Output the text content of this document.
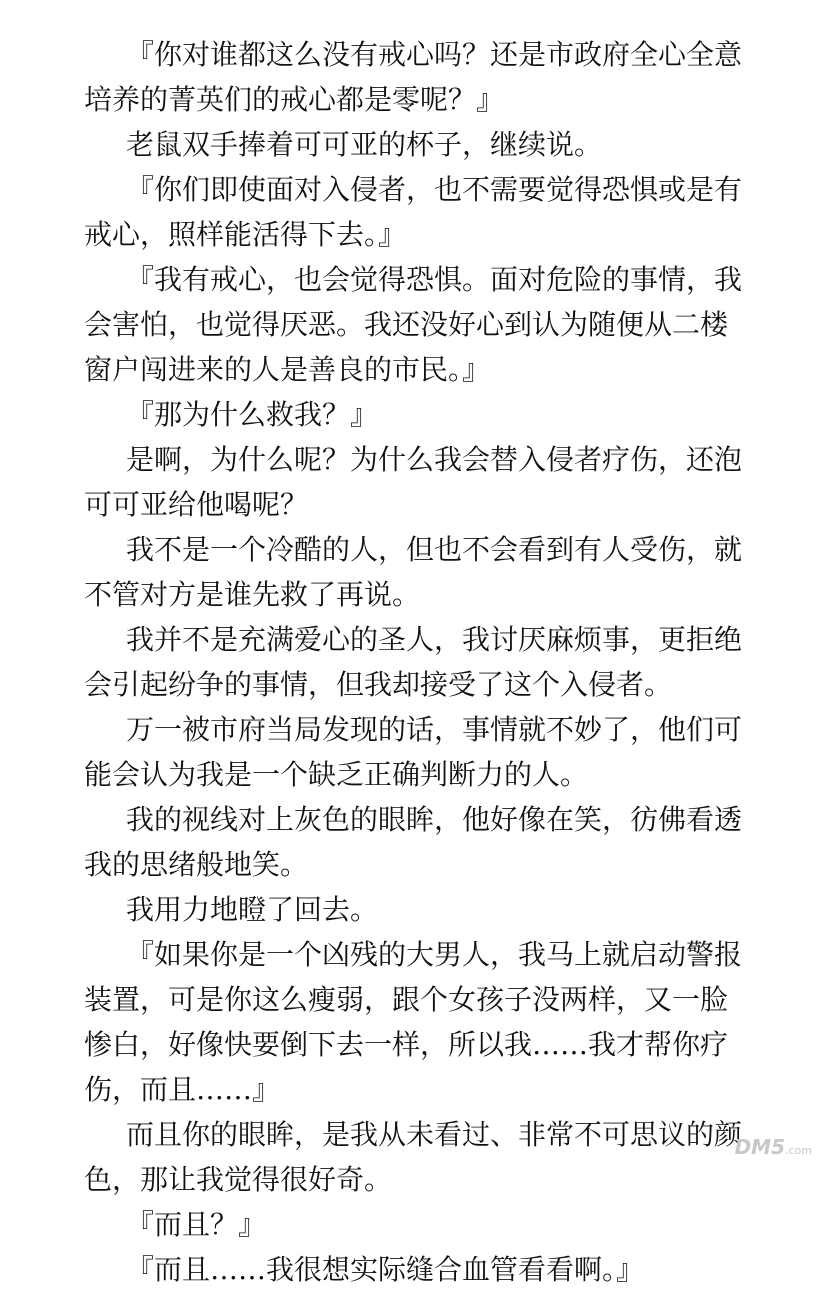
『你对谁都这么没有戒心吗？还是市政府全心全意培养的菁英们的戒心都是零呢？』

老鼠双手捧着可可亚的杯子，继续说。

『你们即使面对入侵者，也不需要觉得恐惧或是有戒心，照样能活得下去。』

『我有戒心，也会觉得恐惧。面对危险的事情，我会害怕，也觉得厌恶。我还没好心到认为随便从二楼窗户闯进来的人是善良的市民。』

『那为什么救我？』

是啊，为什么呢？为什么我会替入侵者疗伤，还泡可可亚给他喝呢？

我不是一个冷酷的人，但也不会看到有人受伤，就不管对方是谁先救了再说。

我并不是充满爱心的圣人，我讨厌麻烦事，更拒绝会引起纷争的事情，但我却接受了这个入侵者。

万一被市府当局发现的话，事情就不妙了，他们可能会认为我是一个缺乏正确判断力的人。

我的视线对上灰色的眼眸，他好像在笑，彷佛看透我的思绪般地笑。

我用力地瞪了回去。

『如果你是一个凶残的大男人，我马上就启动警报装置，可是你这么瘦弱，跟个女孩子没两样，又一脸惨白，好像快要倒下去一样，所以我……我才帮你疗伤，而且……』

而且你的眼眸，是我从未看过、非常不可思议的颜色，那让我觉得很好奇。

『而且？』

『而且……我很想实际缝合血管看看啊。』

DM5.com
